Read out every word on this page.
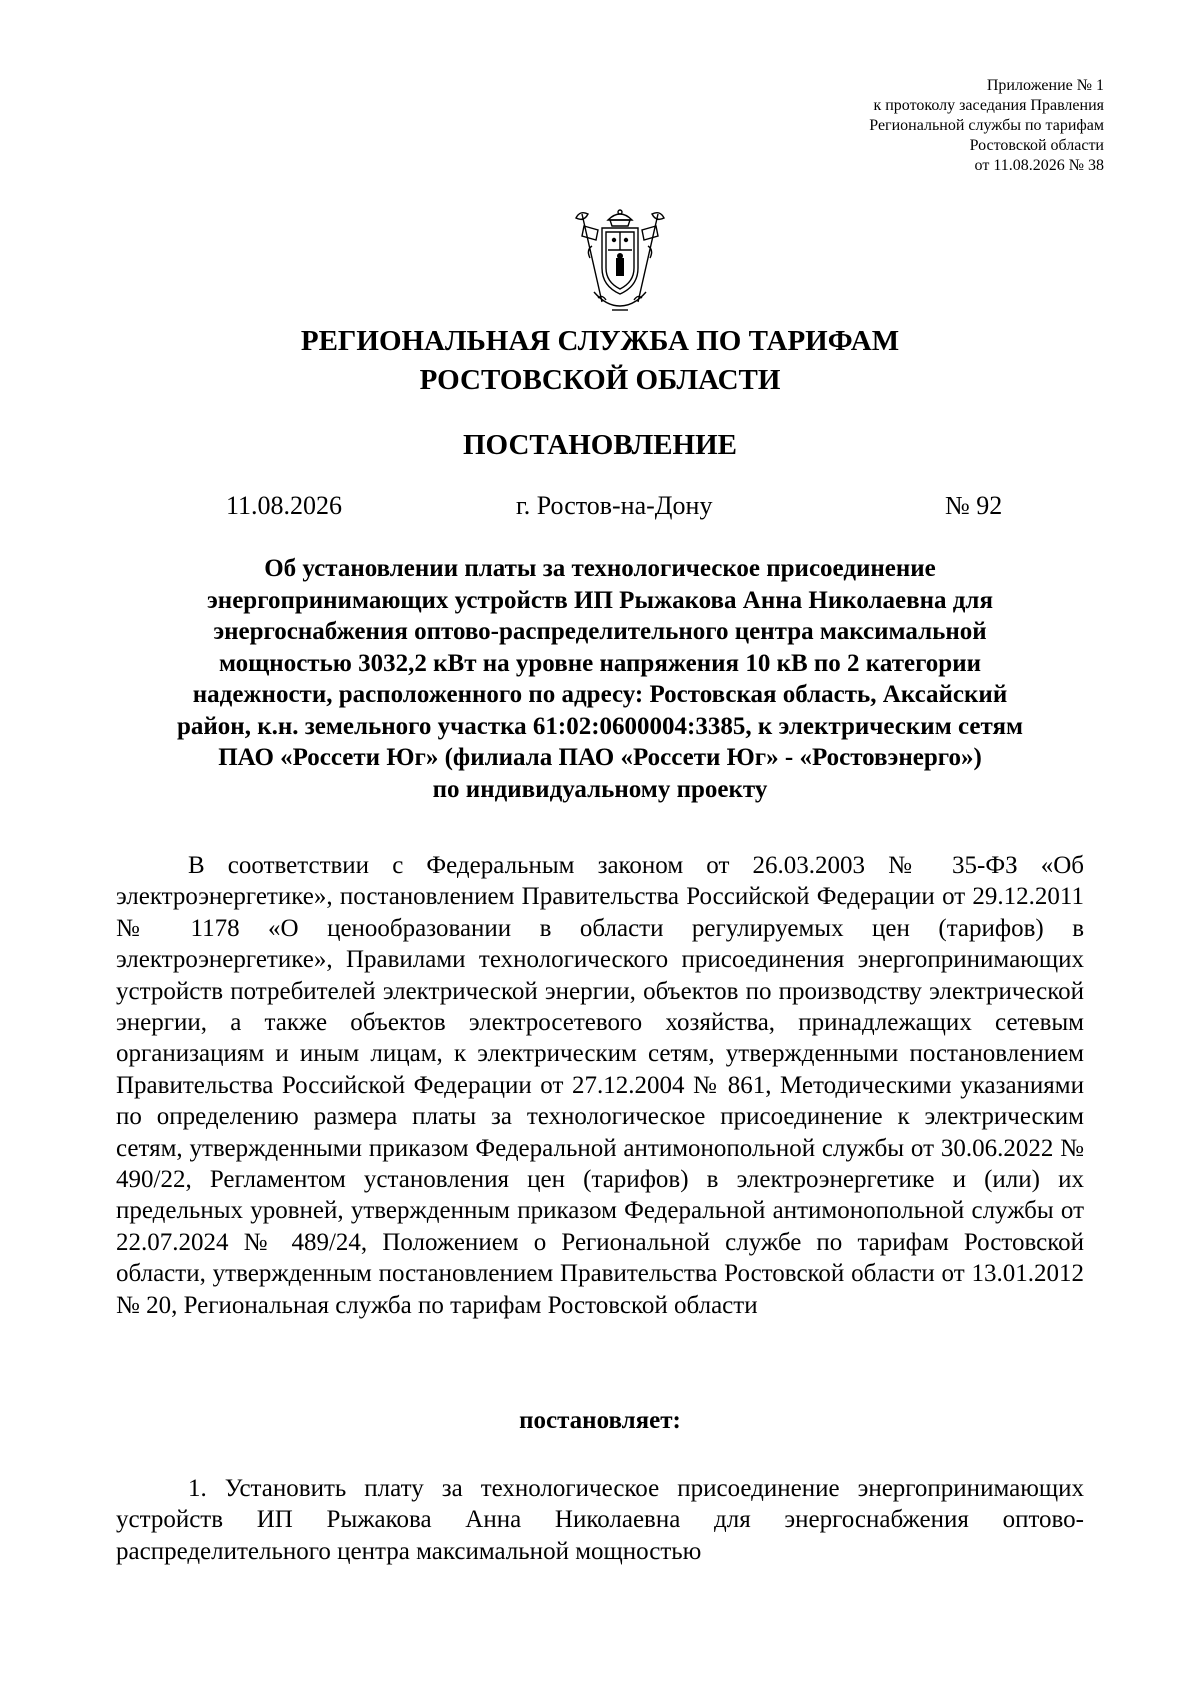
Приложение № 1
к протоколу заседания Правления
Региональной службы по тарифам
Ростовской области
от 11.08.2026 № 38
РЕГИОНАЛЬНАЯ СЛУЖБА ПО ТАРИФАМ
РОСТОВСКОЙ ОБЛАСТИ
ПОСТАНОВЛЕНИЕ
11.08.2026	г. Ростов-на-Дону	№ 92
Об установлении платы за технологическое присоединение
энергопринимающих устройств ИП Рыжакова Анна Николаевна для
энергоснабжения оптово-распределительного центра максимальной
мощностью 3032,2 кВт на уровне напряжения 10 кВ по 2 категории
надежности, расположенного по адресу: Ростовская область, Аксайский
район, к.н. земельного участка 61:02:0600004:3385, к электрическим сетям
ПАО «Россети Юг» (филиала ПАО «Россети Юг» - «Ростовэнерго»)
по индивидуальному проекту
В соответствии с Федеральным законом от 26.03.2003 № 35-ФЗ «Об электроэнергетике», постановлением Правительства Российской Федерации от 29.12.2011 № 1178 «О ценообразовании в области регулируемых цен (тарифов) в электроэнергетике», Правилами технологического присоединения энергопринимающих устройств потребителей электрической энергии, объектов по производству электрической энергии, а также объектов электросетевого хозяйства, принадлежащих сетевым организациям и иным лицам, к электрическим сетям, утвержденными постановлением Правительства Российской Федерации от 27.12.2004 № 861, Методическими указаниями по определению размера платы за технологическое присоединение к электрическим сетям, утвержденными приказом Федеральной антимонопольной службы от 30.06.2022 № 490/22, Регламентом установления цен (тарифов) в электроэнергетике и (или) их предельных уровней, утвержденным приказом Федеральной антимонопольной службы от 22.07.2024 № 489/24, Положением о Региональной службе по тарифам Ростовской области, утвержденным постановлением Правительства Ростовской области от 13.01.2012 № 20, Региональная служба по тарифам Ростовской области
постановляет:
1. Установить плату за технологическое присоединение энергопринимающих устройств ИП Рыжакова Анна Николаевна для энергоснабжения оптово-распределительного центра максимальной мощностью
